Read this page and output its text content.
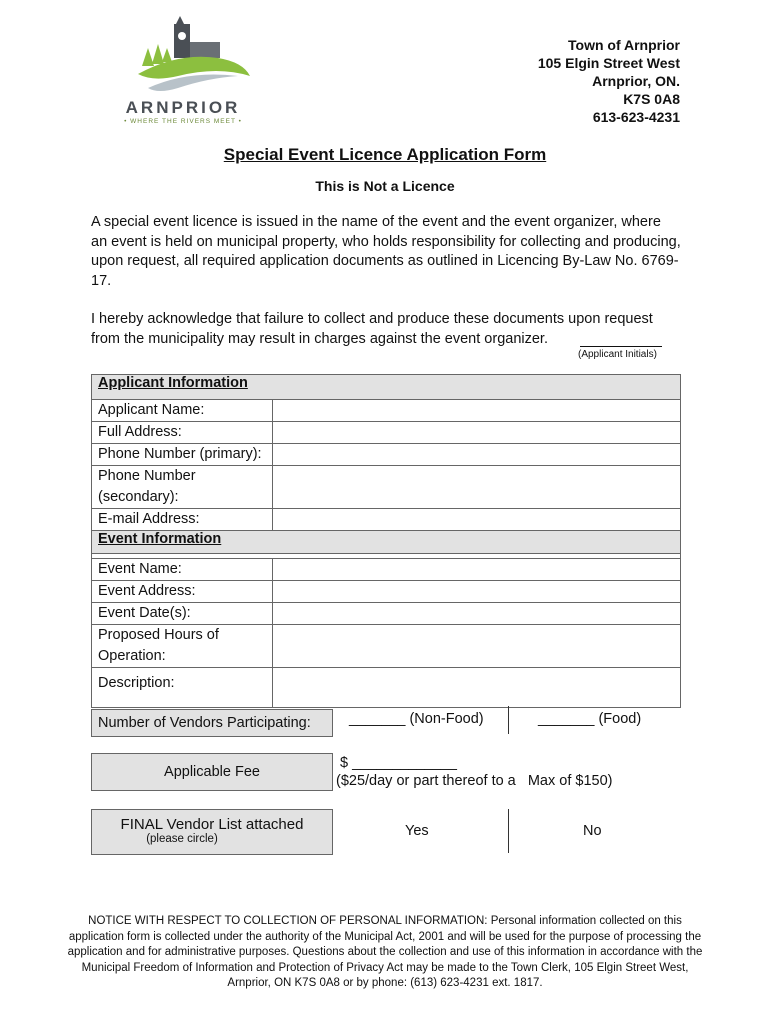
ARNPRIOR
• WHERE THE RIVERS MEET •
Town of Arnprior
105 Elgin Street West
Arnprior, ON.
K7S 0A8
613-623-4231
Special Event Licence Application Form
This is Not a Licence
A special event licence is issued in the name of the event and the event organizer, where an event is held on municipal property, who holds responsibility for collecting and producing, upon request, all required application documents as outlined in Licencing By-Law No. 6769-17.
I hereby acknowledge that failure to collect and produce these documents upon request from the municipality may result in charges against the event organizer.
(Applicant Initials)
Applicant Information	
Applicant Name:	
Full Address:	
Phone Number (primary):	
Phone Number (secondary):	
E-mail Address:	
Event Information	

Event Name:	
Event Address:	
Event Date(s):	
Proposed Hours of Operation:	
Description:	
Number of Vendors Participating:	_______ (Non-Food)	_______ (Food)
Applicable Fee
$ _____________
($25/day or part thereof to a   Max of $150)
FINAL Vendor List attached
(please circle)	Yes	No
NOTICE WITH RESPECT TO COLLECTION OF PERSONAL INFORMATION: Personal information collected on this application form is collected under the authority of the Municipal Act, 2001 and will be used for the purpose of processing the application and for administrative purposes. Questions about the collection and use of this information in accordance with the Municipal Freedom of Information and Protection of Privacy Act may be made to the Town Clerk, 105 Elgin Street West, Arnprior, ON K7S 0A8 or by phone: (613) 623-4231 ext. 1817.
